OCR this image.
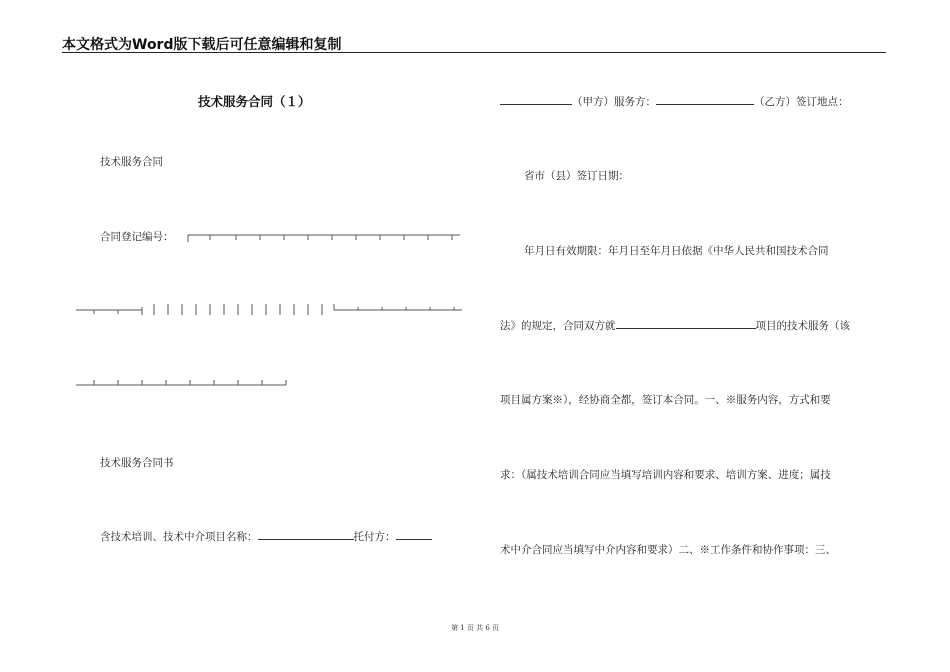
本文格式为Word版下载后可任意编辑和复制
技术服务合同（１）
技术服务合同
合同登记编号：
技术服务合同书
含技术培训、技术中介项目名称：	托付方：
（甲方）服务方：	（乙方）签订地点：
省市（县）签订日期：
年月日有效期限：年月日至年月日依据《中华人民共和国技术合同
法》的规定，合同双方就	项目的技术服务（该
项目属方案※），经协商全都，签订本合同。一、※服务内容，方式和要
求：（属技术培训合同应当填写培训内容和要求、培训方案、进度；属技
术中介合同应当填写中介内容和要求）二、※工作条件和协作事项：三、
第 1 页 共 6 页
